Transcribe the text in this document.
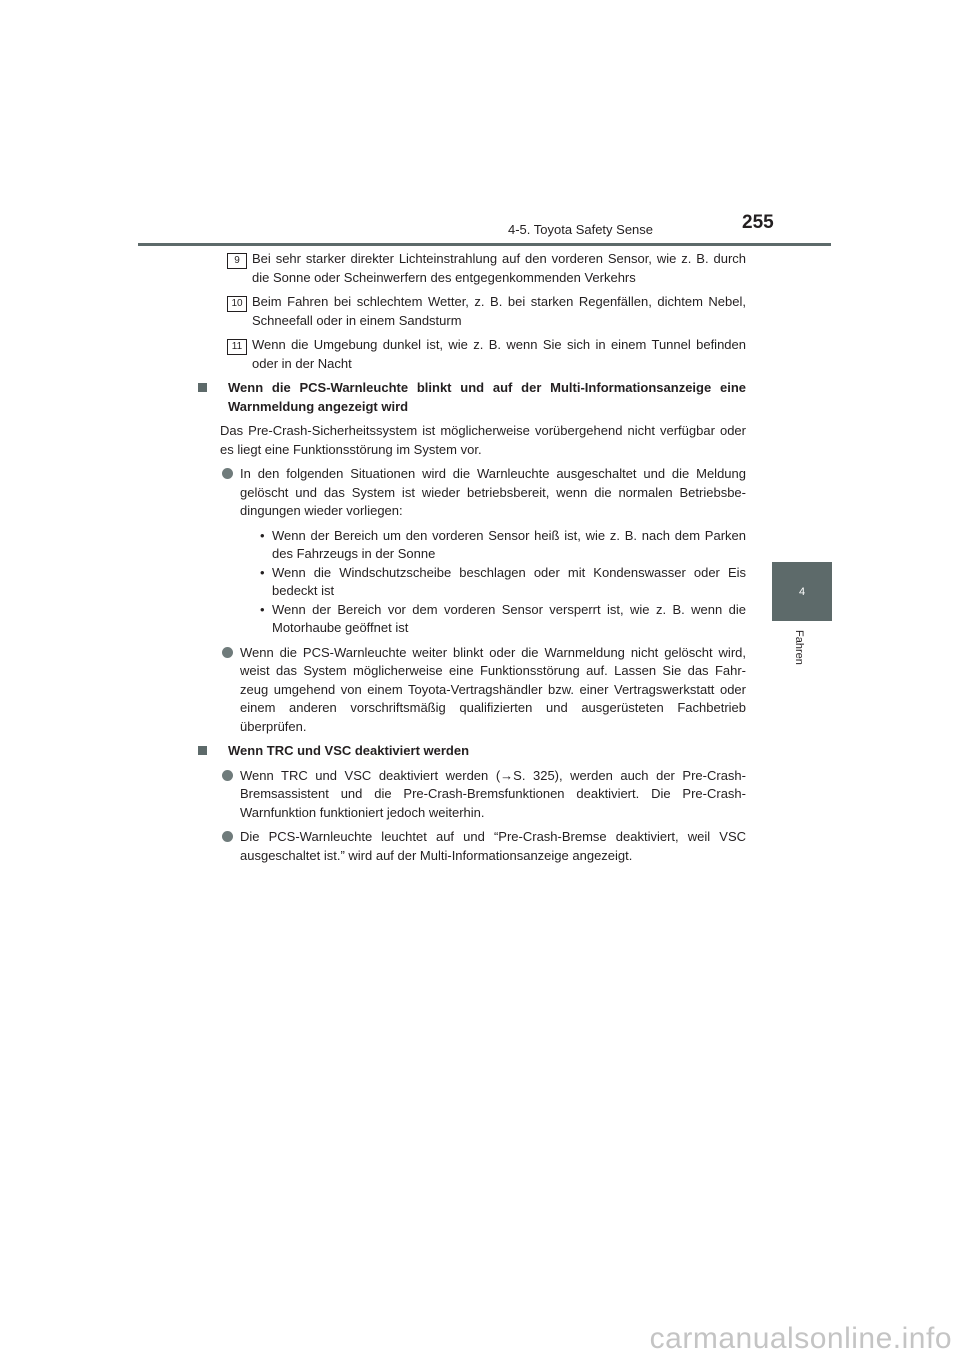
4-5. Toyota Safety Sense	255
4
Fahren
9 Bei sehr starker direkter Lichteinstrahlung auf den vorderen Sensor, wie z. B. durch die Sonne oder Scheinwerfern des entgegenkommenden Verkehrs
10 Beim Fahren bei schlechtem Wetter, z. B. bei starken Regenfällen, dichtem Nebel, Schneefall oder in einem Sandsturm
11 Wenn die Umgebung dunkel ist, wie z. B. wenn Sie sich in einem Tunnel befinden oder in der Nacht
Wenn die PCS-Warnleuchte blinkt und auf der Multi-Informationsanzeige eine Warnmeldung angezeigt wird
Das Pre-Crash-Sicherheitssystem ist möglicherweise vorübergehend nicht verfügbar oder es liegt eine Funktionsstörung im System vor.
In den folgenden Situationen wird die Warnleuchte ausgeschaltet und die Meldung gelöscht und das System ist wieder betriebsbereit, wenn die normalen Betriebsbe-dingungen wieder vorliegen:
• Wenn der Bereich um den vorderen Sensor heiß ist, wie z. B. nach dem Parken des Fahrzeugs in der Sonne
• Wenn die Windschutzscheibe beschlagen oder mit Kondenswasser oder Eis bedeckt ist
• Wenn der Bereich vor dem vorderen Sensor versperrt ist, wie z. B. wenn die Motorhaube geöffnet ist
Wenn die PCS-Warnleuchte weiter blinkt oder die Warnmeldung nicht gelöscht wird, weist das System möglicherweise eine Funktionsstörung auf. Lassen Sie das Fahr-zeug umgehend von einem Toyota-Vertragshändler bzw. einer Vertragswerkstatt oder einem anderen vorschriftsmäßig qualifizierten und ausgerüsteten Fachbetrieb überprüfen.
Wenn TRC und VSC deaktiviert werden
Wenn TRC und VSC deaktiviert werden (→S. 325), werden auch der Pre-Crash-Bremsassistent und die Pre-Crash-Bremsfunktionen deaktiviert. Die Pre-Crash-Warnfunktion funktioniert jedoch weiterhin.
Die PCS-Warnleuchte leuchtet auf und “Pre-Crash-Bremse deaktiviert, weil VSC ausgeschaltet ist.” wird auf der Multi-Informationsanzeige angezeigt.
carmanualsonline.info
